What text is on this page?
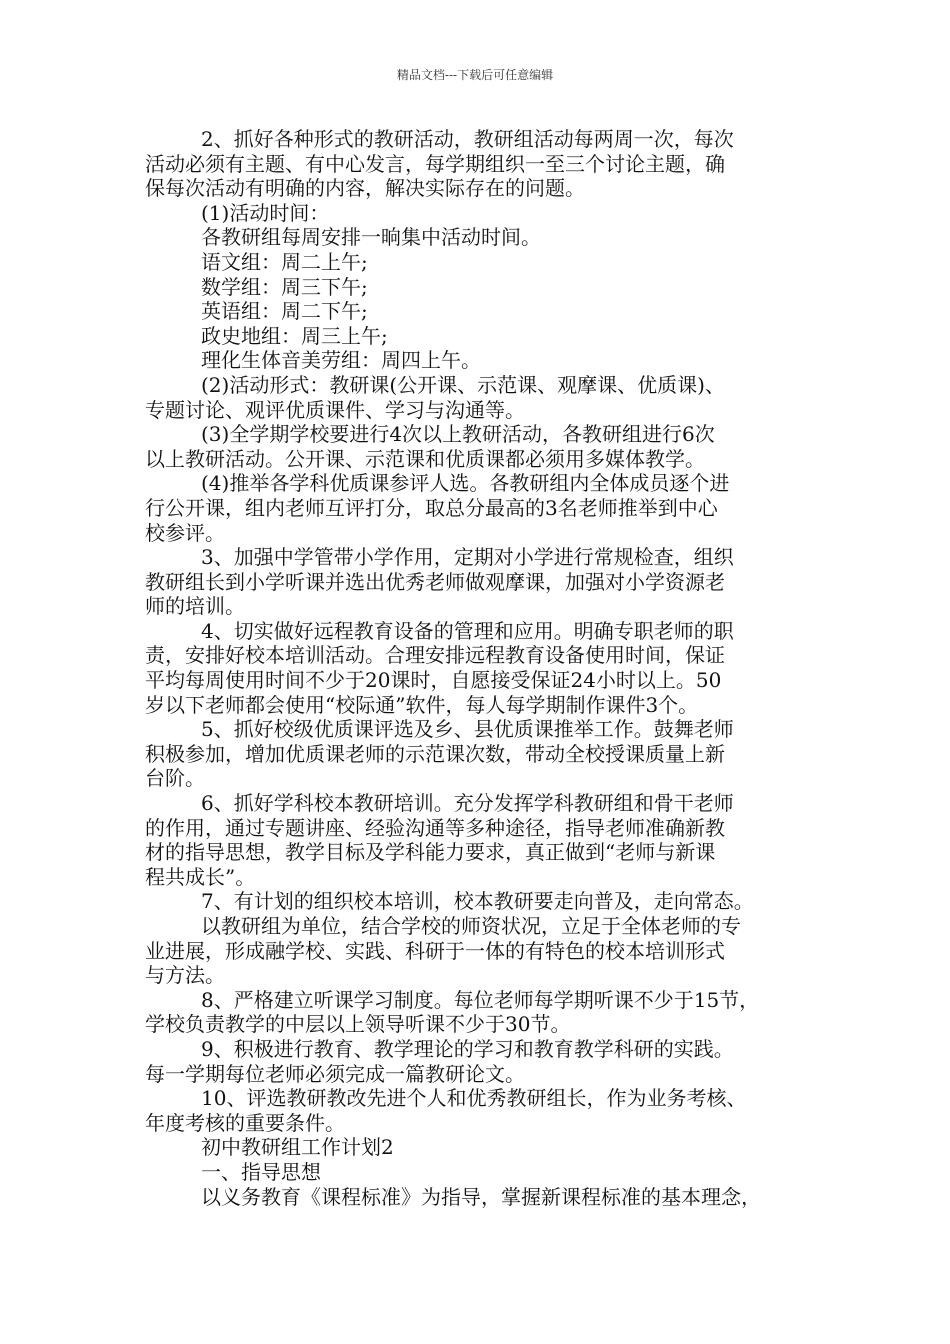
精品文档---下载后可任意编辑
2、抓好各种形式的教研活动，教研组活动每两周一次，每次
活动必须有主题、有中心发言，每学期组织一至三个讨论主题，确
保每次活动有明确的内容，解决实际存在的问题。
(1)活动时间：
各教研组每周安排一晌集中活动时间。
语文组：周二上午;
数学组：周三下午;
英语组：周二下午;
政史地组：周三上午;
理化生体音美劳组：周四上午。
(2)活动形式：教研课(公开课、示范课、观摩课、优质课)、
专题讨论、观评优质课件、学习与沟通等。
(3)全学期学校要进行4次以上教研活动，各教研组进行6次
以上教研活动。公开课、示范课和优质课都必须用多媒体教学。
(4)推举各学科优质课参评人选。各教研组内全体成员逐个进
行公开课，组内老师互评打分，取总分最高的3名老师推举到中心
校参评。
3、加强中学管带小学作用，定期对小学进行常规检查，组织
教研组长到小学听课并选出优秀老师做观摩课，加强对小学资源老
师的培训。
4、切实做好远程教育设备的管理和应用。明确专职老师的职
责，安排好校本培训活动。合理安排远程教育设备使用时间，保证
平均每周使用时间不少于20课时，自愿接受保证24小时以上。50
岁以下老师都会使用“校际通”软件，每人每学期制作课件3个。
5、抓好校级优质课评选及乡、县优质课推举工作。鼓舞老师
积极参加，增加优质课老师的示范课次数，带动全校授课质量上新
台阶。
6、抓好学科校本教研培训。充分发挥学科教研组和骨干老师
的作用，通过专题讲座、经验沟通等多种途径，指导老师准确新教
材的指导思想，教学目标及学科能力要求，真正做到“老师与新课
程共成长”。
7、有计划的组织校本培训，校本教研要走向普及，走向常态。
以教研组为单位，结合学校的师资状况，立足于全体老师的专
业进展，形成融学校、实践、科研于一体的有特色的校本培训形式
与方法。
8、严格建立听课学习制度。每位老师每学期听课不少于15节，
学校负责教学的中层以上领导听课不少于30节。
9、积极进行教育、教学理论的学习和教育教学科研的实践。
每一学期每位老师必须完成一篇教研论文。
10、评选教研教改先进个人和优秀教研组长，作为业务考核、
年度考核的重要条件。
初中教研组工作计划2
一、指导思想
以义务教育《课程标准》为指导，掌握新课程标准的基本理念，
